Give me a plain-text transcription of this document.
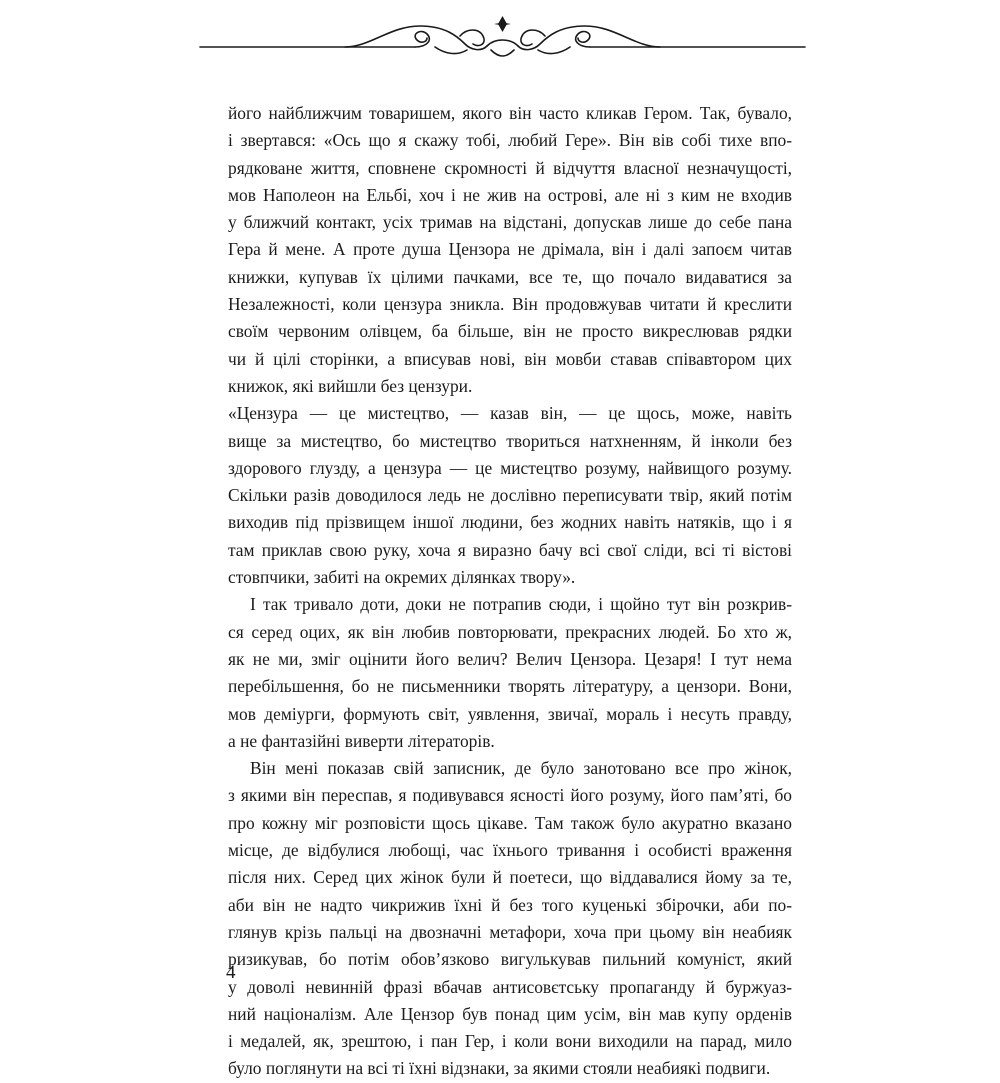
його найближчим товаришем, якого він часто кликав Гером. Так, бувало,
і звертався: «Ось що я скажу тобі, любий Гере». Він вів собі тихе впо-
рядковане життя, сповнене скромності й відчуття власної незначущості,
мов Наполеон на Ельбі, хоч і не жив на острові, але ні з ким не входив
у ближчий контакт, усіх тримав на відстані, допускав лише до себе пана
Гера й мене. А проте душа Цензора не дрімала, він і далі запоєм читав
книжки, купував їх цілими пачками, все те, що почало видаватися за
Незалежності, коли цензура зникла. Він продовжував читати й креслити
своїм червоним олівцем, ба більше, він не просто викреслював рядки
чи й цілі сторінки, а вписував нові, він мовби ставав співавтором цих
книжок, які вийшли без цензури.
«Цензура — це мистецтво, — казав він, — це щось, може, навіть
вище за мистецтво, бо мистецтво твориться натхненням, й інколи без
здорового глузду, а цензура — це мистецтво розуму, найвищого розуму.
Скільки разів доводилося ледь не дослівно переписувати твір, який потім
виходив під прізвищем іншої людини, без жодних навіть натяків, що і я
там приклав свою руку, хоча я виразно бачу всі свої сліди, всі ті вістові
стовпчики, забиті на окремих ділянках твору».
І так тривало доти, доки не потрапив сюди, і щойно тут він розкрив-
ся серед оцих, як він любив повторювати, прекрасних людей. Бо хто ж,
як не ми, зміг оцінити його велич? Велич Цензора. Цезаря! І тут нема
перебільшення, бо не письменники творять літературу, а цензори. Вони,
мов деміурги, формують світ, уявлення, звичаї, мораль і несуть правду,
а не фантазійні виверти літераторів.
Він мені показав свій записник, де було занотовано все про жінок,
з якими він переспав, я подивувався ясності його розуму, його пам’яті, бо
про кожну міг розповісти щось цікаве. Там також було акуратно вказано
місце, де відбулися любощі, час їхнього тривання і особисті враження
після них. Серед цих жінок були й поетеси, що віддавалися йому за те,
аби він не надто чикрижив їхні й без того куценькі збірочки, аби по-
глянув крізь пальці на двозначні метафори, хоча при цьому він неабияк
ризикував, бо потім обов’язково вигулькував пильний комуніст, який
у доволі невинній фразі вбачав антисовєтську пропаганду й буржуаз-
ний націоналізм. Але Цензор був понад цим усім, він мав купу орденів
і медалей, як, зрештою, і пан Гер, і коли вони виходили на парад, мило
було поглянути на всі ті їхні відзнаки, за якими стояли неабиякі подвиги.
4
